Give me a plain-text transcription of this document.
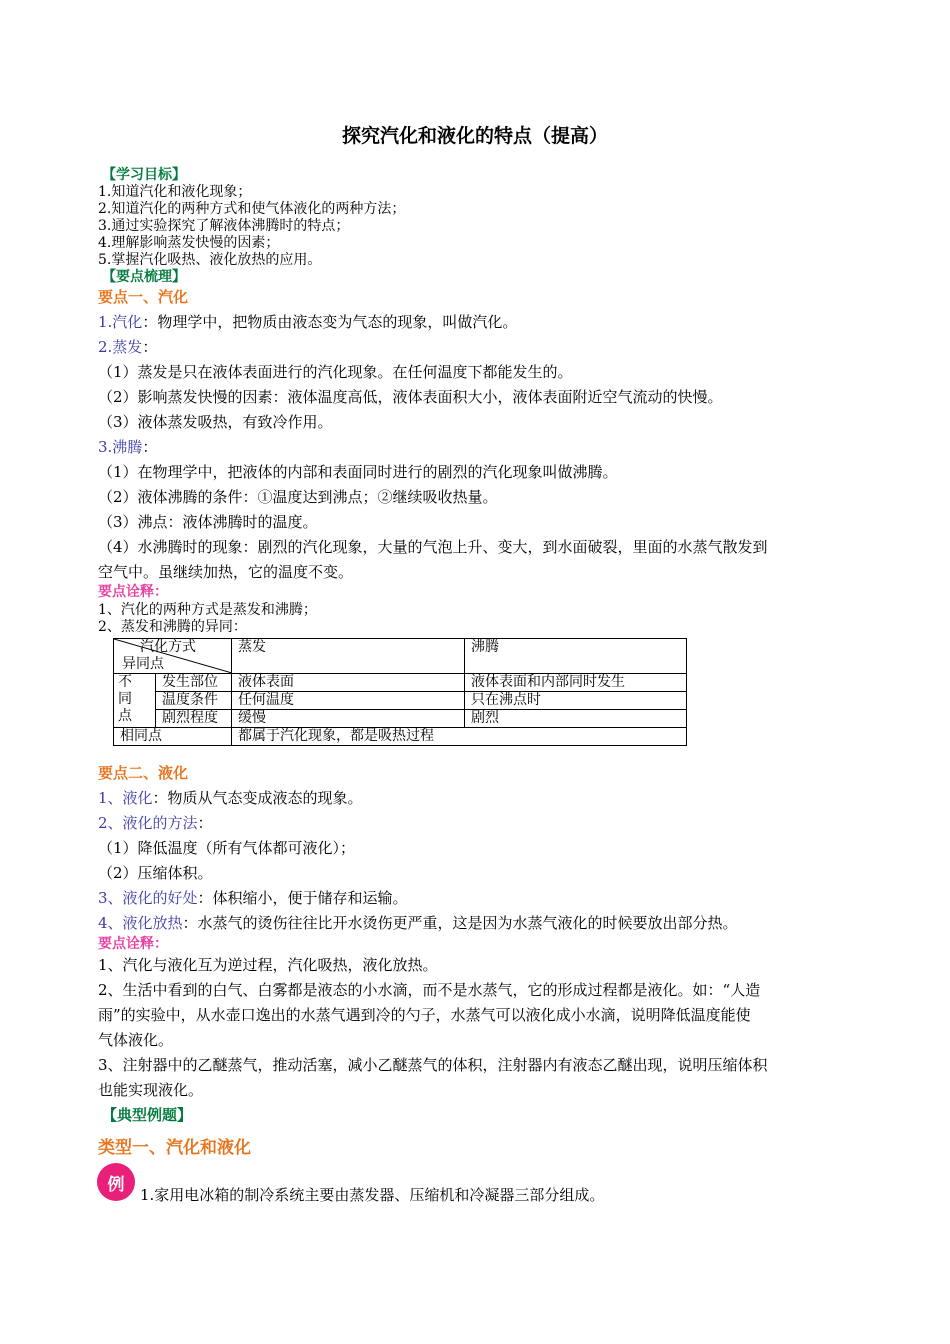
探究汽化和液化的特点（提高）
【学习目标】
1.知道汽化和液化现象；
2.知道汽化的两种方式和使气体液化的两种方法；
3.通过实验探究了解液体沸腾时的特点；
4.理解影响蒸发快慢的因素；
5.掌握汽化吸热、液化放热的应用。
【要点梳理】
要点一、汽化
1.汽化：物理学中，把物质由液态变为气态的现象，叫做汽化。
2.蒸发：
（1）蒸发是只在液体表面进行的汽化现象。在任何温度下都能发生的。
（2）影响蒸发快慢的因素：液体温度高低，液体表面积大小，液体表面附近空气流动的快慢。
（3）液体蒸发吸热，有致冷作用。
3.沸腾：
（1）在物理学中，把液体的内部和表面同时进行的剧烈的汽化现象叫做沸腾。
（2）液体沸腾的条件：①温度达到沸点；②继续吸收热量。
（3）沸点：液体沸腾时的温度。
（4）水沸腾时的现象：剧烈的汽化现象，大量的气泡上升、变大，到水面破裂，里面的水蒸气散发到
空气中。虽继续加热，它的温度不变。
要点诠释：
1、汽化的两种方式是蒸发和沸腾；
2、蒸发和沸腾的异同：
汽化方式
异同点		蒸发	沸腾

不
同
点	发生部位	液体表面	液体表面和内部同时发生
	温度条件	任何温度	只在沸点时
	剧烈程度	缓慢	剧烈
相同点		都属于汽化现象，都是吸热过程	
要点二、液化
1、液化：物质从气态变成液态的现象。
2、液化的方法：
（1）降低温度（所有气体都可液化）；
（2）压缩体积。
3、液化的好处：体积缩小，便于储存和运输。
4、液化放热：水蒸气的烫伤往往比开水烫伤更严重，这是因为水蒸气液化的时候要放出部分热。
要点诠释：
1、汽化与液化互为逆过程，汽化吸热，液化放热。
2、生活中看到的白气、白雾都是液态的小水滴，而不是水蒸气，它的形成过程都是液化。如：“人造
雨”的实验中，从水壶口逸出的水蒸气遇到冷的勺子，水蒸气可以液化成小水滴，说明降低温度能使
气体液化。
3、注射器中的乙醚蒸气，推动活塞，减小乙醚蒸气的体积，注射器内有液态乙醚出现，说明压缩体积
也能实现液化。
【典型例题】
类型一、汽化和液化
例
1.家用电冰箱的制冷系统主要由蒸发器、压缩机和冷凝器三部分组成。
